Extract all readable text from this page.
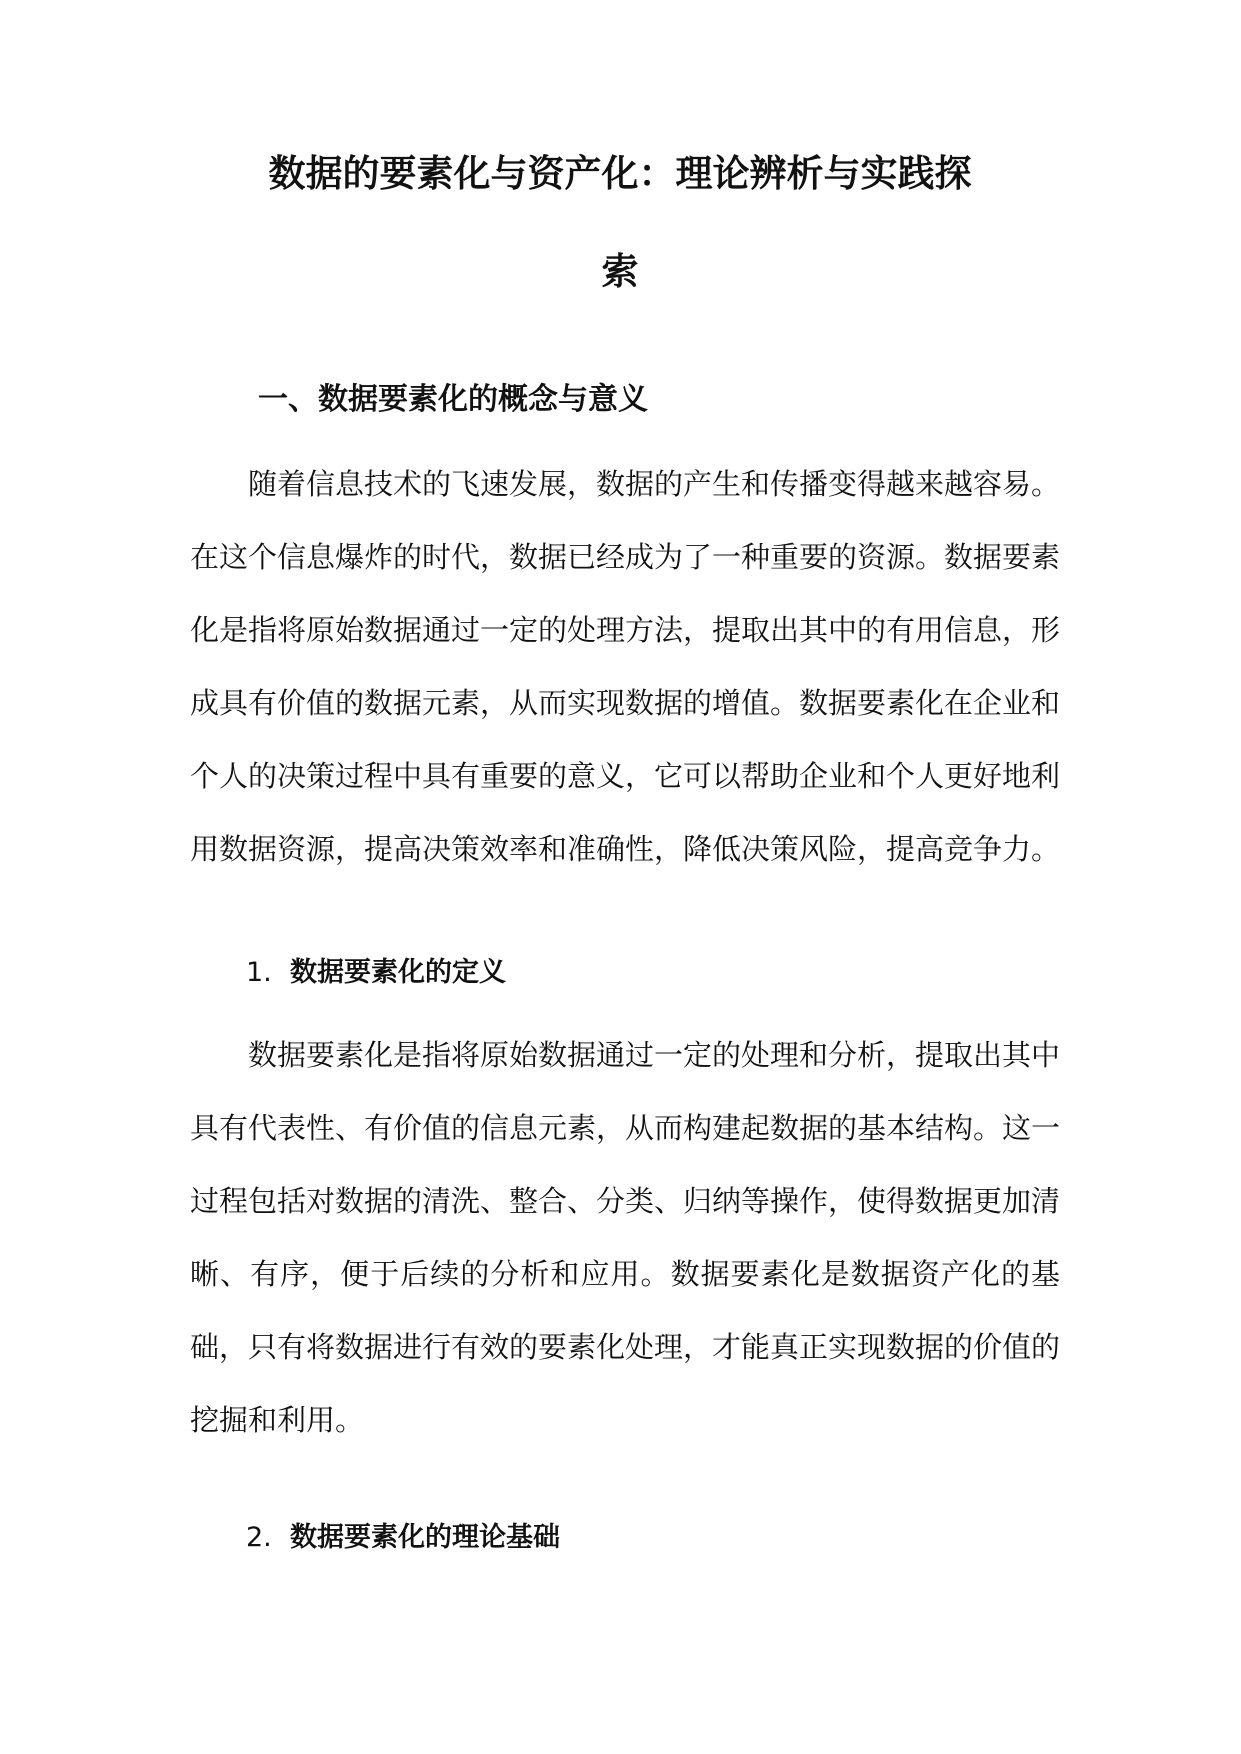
数据的要素化与资产化：理论辨析与实践探
索
一、数据要素化的概念与意义
随着信息技术的飞速发展，数据的产生和传播变得越来越容易。在这个信息爆炸的时代，数据已经成为了一种重要的资源。数据要素化是指将原始数据通过一定的处理方法，提取出其中的有用信息，形成具有价值的数据元素，从而实现数据的增值。数据要素化在企业和个人的决策过程中具有重要的意义，它可以帮助企业和个人更好地利用数据资源，提高决策效率和准确性，降低决策风险，提高竞争力。
1. 数据要素化的定义
数据要素化是指将原始数据通过一定的处理和分析，提取出其中具有代表性、有价值的信息元素，从而构建起数据的基本结构。这一过程包括对数据的清洗、整合、分类、归纳等操作，使得数据更加清晰、有序，便于后续的分析和应用。数据要素化是数据资产化的基础，只有将数据进行有效的要素化处理，才能真正实现数据的价值的挖掘和利用。
2. 数据要素化的理论基础
